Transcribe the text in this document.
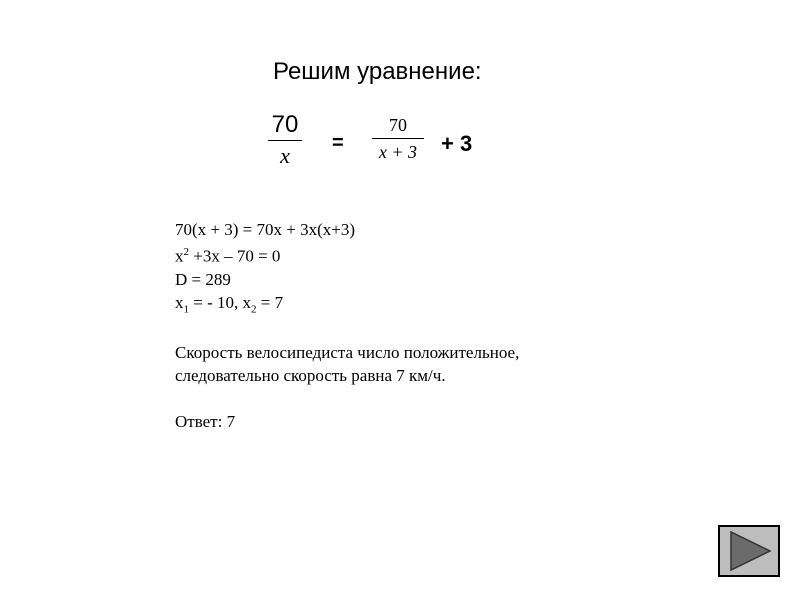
Решим уравнение:
70
x	=
70
x + 3	+ 3
70(x + 3) = 70x + 3x(x+3)
$x^2 +3x - 70 = 0$
D = 289
$x_1$ = - 10, $x_2 = 7$
Скорость велосипедиста число положительное,
следовательно скорость равна 7 км/ч.
Ответ: 7
